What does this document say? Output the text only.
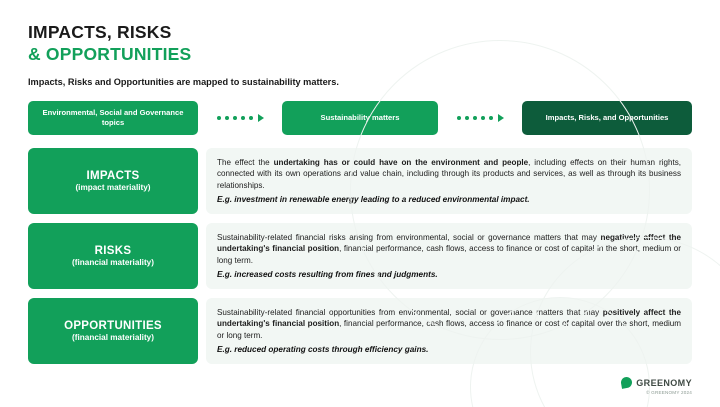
IMPACTS, RISKS
& OPPORTUNITIES
Impacts, Risks and Opportunities are mapped to sustainability matters.
Environmental, Social and Governance topics
Sustainability matters	Impacts, Risks, and Opportunities
IMPACTS
(impact materiality)
The effect the undertaking has or could have on the environment and people, including effects on their human rights, connected with its own operations and value chain, including through its products and services, as well as through its business relationships.
E.g. investment in renewable energy leading to a reduced environmental impact.
RISKS
(financial materiality)
Sustainability-related financial risks arising from environmental, social or governance matters that may negatively affect the undertaking's financial position, financial performance, cash flows, access to finance or cost of capital in the short, medium or long term.
E.g. increased costs resulting from fines and judgments.
OPPORTUNITIES
(financial materiality)
Sustainability-related financial opportunities from environmental, social or governance matters that may positively affect the undertaking's financial position, financial performance, cash flows, access to finance or cost of capital over the short, medium or long term.
E.g. reduced operating costs through efficiency gains.
GREENOMY
© GREENOMY 2024
